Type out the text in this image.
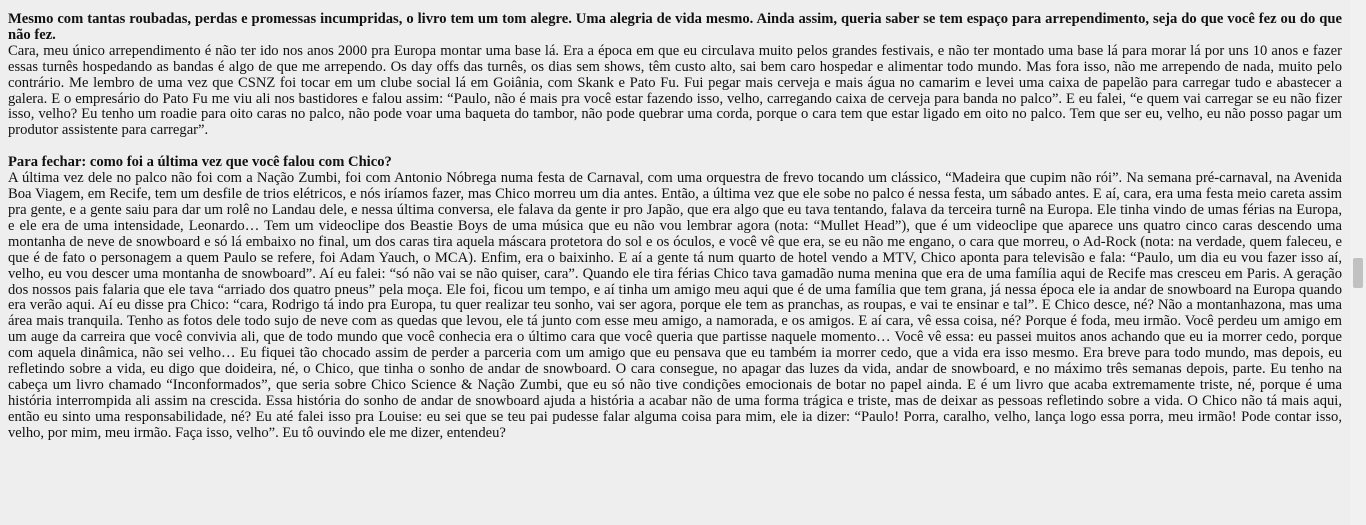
Mesmo com tantas roubadas, perdas e promessas incumpridas, o livro tem um tom alegre. Uma alegria de vida mesmo. Ainda assim, queria saber se tem espaço para arrependimento, seja do que você fez ou do que não fez.

Cara, meu único arrependimento é não ter ido nos anos 2000 pra Europa montar uma base lá. Era a época em que eu circulava muito pelos grandes festivais, e não ter montado uma base lá para morar lá por uns 10 anos e fazer essas turnês hospedando as bandas é algo de que me arrependo. Os day offs das turnês, os dias sem shows, têm custo alto, sai bem caro hospedar e alimentar todo mundo. Mas fora isso, não me arrependo de nada, muito pelo contrário. Me lembro de uma vez que CSNZ foi tocar em um clube social lá em Goiânia, com Skank e Pato Fu. Fui pegar mais cerveja e mais água no camarim e levei uma caixa de papelão para carregar tudo e abastecer a galera. E o empresário do Pato Fu me viu ali nos bastidores e falou assim: “Paulo, não é mais pra você estar fazendo isso, velho, carregando caixa de cerveja para banda no palco”. E eu falei, “e quem vai carregar se eu não fizer isso, velho? Eu tenho um roadie para oito caras no palco, não pode voar uma baqueta do tambor, não pode quebrar uma corda, porque o cara tem que estar ligado em oito no palco. Tem que ser eu, velho, eu não posso pagar um produtor assistente para carregar”.

Para fechar: como foi a última vez que você falou com Chico?

A última vez dele no palco não foi com a Nação Zumbi, foi com Antonio Nóbrega numa festa de Carnaval, com uma orquestra de frevo tocando um clássico, “Madeira que cupim não rói”. Na semana pré-carnaval, na Avenida Boa Viagem, em Recife, tem um desfile de trios elétricos, e nós iríamos fazer, mas Chico morreu um dia antes. Então, a última vez que ele sobe no palco é nessa festa, um sábado antes. E aí, cara, era uma festa meio careta assim pra gente, e a gente saiu para dar um rolê no Landau dele, e nessa última conversa, ele falava da gente ir pro Japão, que era algo que eu tava tentando, falava da terceira turnê na Europa. Ele tinha vindo de umas férias na Europa, e ele era de uma intensidade, Leonardo… Tem um videoclipe dos Beastie Boys de uma música que eu não vou lembrar agora (nota: “Mullet Head”), que é um videoclipe que aparece uns quatro cinco caras descendo uma montanha de neve de snowboard e só lá embaixo no final, um dos caras tira aquela máscara protetora do sol e os óculos, e você vê que era, se eu não me engano, o cara que morreu, o Ad-Rock (nota: na verdade, quem faleceu, e que é de fato o personagem a quem Paulo se refere, foi Adam Yauch, o MCA). Enfim, era o baixinho. E aí a gente tá num quarto de hotel vendo a MTV, Chico aponta para televisão e fala: “Paulo, um dia eu vou fazer isso aí, velho, eu vou descer uma montanha de snowboard”. Aí eu falei: “só não vai se não quiser, cara”. Quando ele tira férias Chico tava gamadão numa menina que era de uma família aqui de Recife mas cresceu em Paris. A geração dos nossos pais falaria que ele tava “arriado dos quatro pneus” pela moça. Ele foi, ficou um tempo, e aí tinha um amigo meu aqui que é de uma família que tem grana, já nessa época ele ia andar de snowboard na Europa quando era verão aqui. Aí eu disse pra Chico: “cara, Rodrigo tá indo pra Europa, tu quer realizar teu sonho, vai ser agora, porque ele tem as pranchas, as roupas, e vai te ensinar e tal”. E Chico desce, né? Não a montanhazona, mas uma área mais tranquila. Tenho as fotos dele todo sujo de neve com as quedas que levou, ele tá junto com esse meu amigo, a namorada, e os amigos. E aí cara, vê essa coisa, né? Porque é foda, meu irmão. Você perdeu um amigo em um auge da carreira que você convivia ali, que de todo mundo que você conhecia era o último cara que você queria que partisse naquele momento… Você vê essa: eu passei muitos anos achando que eu ia morrer cedo, porque com aquela dinâmica, não sei velho… Eu fiquei tão chocado assim de perder a parceria com um amigo que eu pensava que eu também ia morrer cedo, que a vida era isso mesmo. Era breve para todo mundo, mas depois, eu refletindo sobre a vida, eu digo que doideira, né, o Chico, que tinha o sonho de andar de snowboard. O cara consegue, no apagar das luzes da vida, andar de snowboard, e no máximo três semanas depois, parte. Eu tenho na cabeça um livro chamado “Inconformados”, que seria sobre Chico Science & Nação Zumbi, que eu só não tive condições emocionais de botar no papel ainda. E é um livro que acaba extremamente triste, né, porque é uma história interrompida ali assim na crescida. Essa história do sonho de andar de snowboard ajuda a história a acabar não de uma forma trágica e triste, mas de deixar as pessoas refletindo sobre a vida. O Chico não tá mais aqui, então eu sinto uma responsabilidade, né? Eu até falei isso pra Louise: eu sei que se teu pai pudesse falar alguma coisa para mim, ele ia dizer: “Paulo! Porra, caralho, velho, lança logo essa porra, meu irmão! Pode contar isso, velho, por mim, meu irmão. Faça isso, velho”. Eu tô ouvindo ele me dizer, entendeu?
